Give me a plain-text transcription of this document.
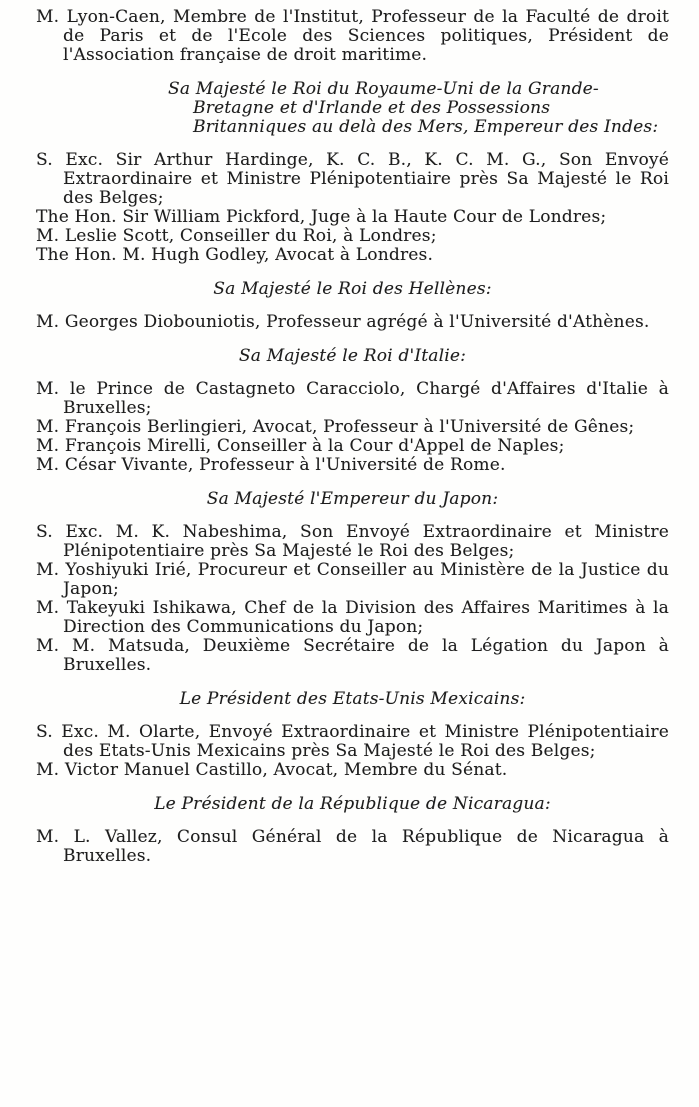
M. Lyon-Caen, Membre de l'Institut, Professeur de la Faculté de droit de Paris et de l'Ecole des Sciences politiques, Président de l'Association française de droit maritime.

Sa Majesté le Roi du Royaume-Uni de la Grande-Bretagne et d'Irlande et des Possessions Britanniques au delà des Mers, Empereur des Indes:

S. Exc. Sir Arthur Hardinge, K. C. B., K. C. M. G., Son Envoyé Extraordinaire et Ministre Plénipotentiaire près Sa Majesté le Roi des Belges;

The Hon. Sir William Pickford, Juge à la Haute Cour de Londres;

M. Leslie Scott, Conseiller du Roi, à Londres;

The Hon. M. Hugh Godley, Avocat à Londres.

Sa Majesté le Roi des Hellènes:

M. Georges Diobouniotis, Professeur agrégé à l'Université d'Athènes.

Sa Majesté le Roi d'Italie:

M. le Prince de Castagneto Caracciolo, Chargé d'Affaires d'Italie à Bruxelles;

M. François Berlingieri, Avocat, Professeur à l'Université de Gênes;

M. François Mirelli, Conseiller à la Cour d'Appel de Naples;

M. César Vivante, Professeur à l'Université de Rome.

Sa Majesté l'Empereur du Japon:

S. Exc. M. K. Nabeshima, Son Envoyé Extraordinaire et Ministre Plénipotentiaire près Sa Majesté le Roi des Belges;

M. Yoshiyuki Irié, Procureur et Conseiller au Ministère de la Justice du Japon;

M. Takeyuki Ishikawa, Chef de la Division des Affaires Maritimes à la Direction des Communications du Japon;

M. M. Matsuda, Deuxième Secrétaire de la Légation du Japon à Bruxelles.

Le Président des Etats-Unis Mexicains:

S. Exc. M. Olarte, Envoyé Extraordinaire et Ministre Plénipotentiaire des Etats-Unis Mexicains près Sa Majesté le Roi des Belges;

M. Victor Manuel Castillo, Avocat, Membre du Sénat.

Le Président de la République de Nicaragua:

M. L. Vallez, Consul Général de la République de Nicaragua à Bruxelles.
